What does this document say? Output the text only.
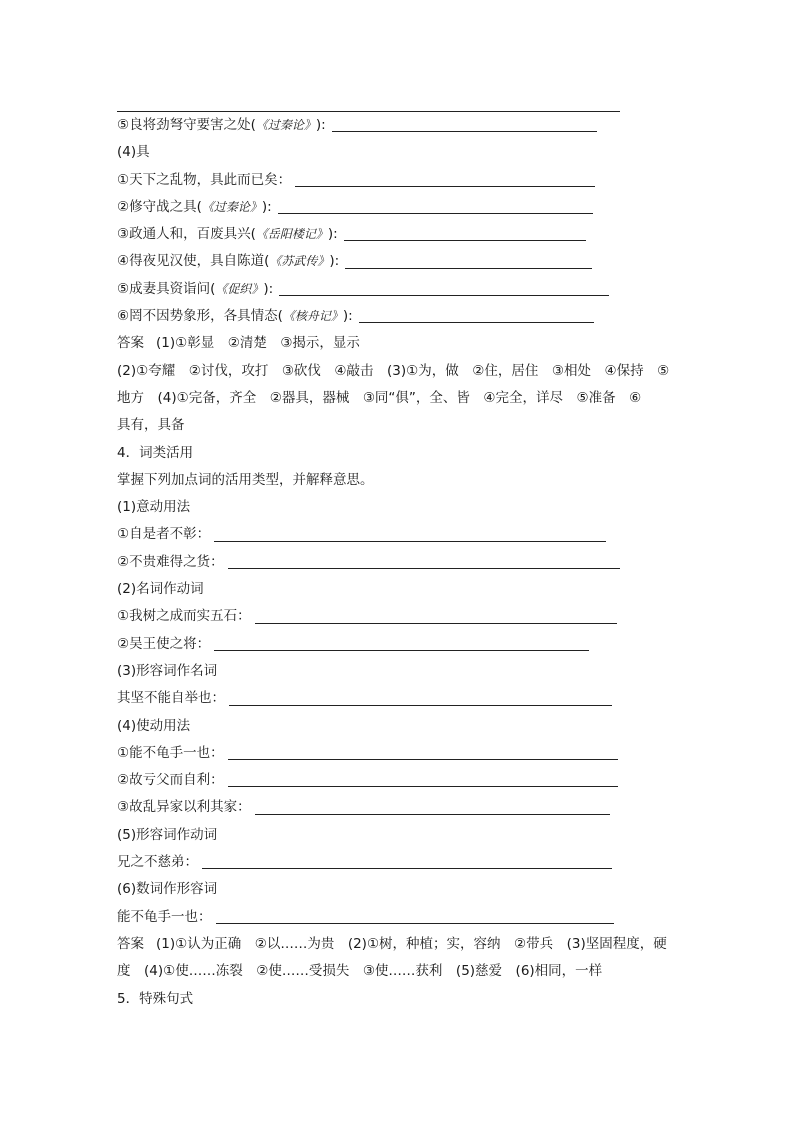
⑤良将劲弩守要害之处( 《过秦论》 ):
(4)具
①天下之乱物，具此而已矣：
②修守战之具( 《过秦论》 ):
③政通人和，百废具兴( 《岳阳楼记》 ):
④得夜见汉使，具自陈道( 《苏武传》 ):
⑤成妻具资诣问( 《促织》 ):
⑥罔不因势象形，各具情态( 《核舟记》 ):
答案 (1)①彰显　②清楚　③揭示，显示
(2)①夸耀　②讨伐，攻打　③砍伐　④敲击　(3)①为，做　②住，居住　③相处　④保持　⑤
地方　(4)①完备，齐全　②器具，器械　③同“俱”，全、皆　④完全，详尽　⑤准备　⑥
具有，具备
4．词类活用
掌握下列加点词的活用类型，并解释意思。
(1)意动用法
①自是者不彰：
②不贵难得之货：
(2)名词作动词
①我树之成而实五石：
②吴王使之将：
(3)形容词作名词
其坚不能自举也：
(4)使动用法
①能不龟手一也：
②故亏父而自利：
③故乱异家以利其家：
(5)形容词作动词
兄之不慈弟：
(6)数词作形容词
能不龟手一也：
答案 (1)①认为正确　②以……为贵　(2)①树，种植；实，容纳　②带兵　(3)坚固程度，硬
度　(4)①使……冻裂　②使……受损失　③使……获利　(5)慈爱　(6)相同，一样
5．特殊句式
